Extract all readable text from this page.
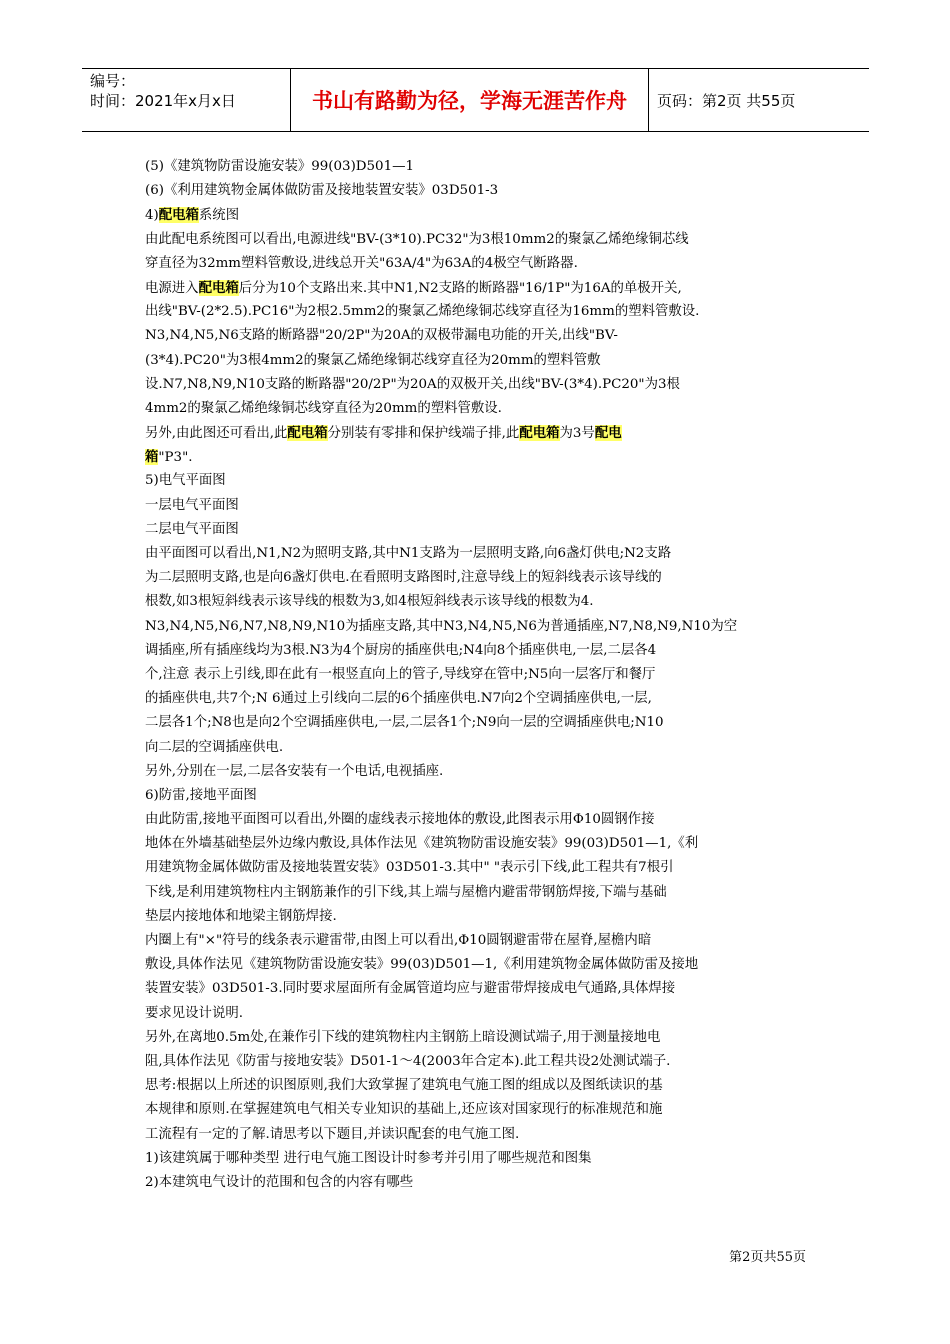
编号：
时间：2021年x月x日	书山有路勤为径，学海无涯苦作舟	页码：第2页 共55页
(5)《建筑物防雷设施安装》99(03)D501—1
(6)《利用建筑物金属体做防雷及接地装置安装》03D501-3
4)配电箱系统图
由此配电系统图可以看出,电源进线"BV-(3*10).PC32"为3根10mm2的聚氯乙烯绝缘铜芯线
穿直径为32mm塑料管敷设,进线总开关"63A/4"为63A的4极空气断路器.
电源进入配电箱后分为10个支路出来.其中N1,N2支路的断路器"16/1P"为16A的单极开关,
出线"BV-(2*2.5).PC16"为2根2.5mm2的聚氯乙烯绝缘铜芯线穿直径为16mm的塑料管敷设.
N3,N4,N5,N6支路的断路器"20/2P"为20A的双极带漏电功能的开关,出线"BV-
(3*4).PC20"为3根4mm2的聚氯乙烯绝缘铜芯线穿直径为20mm的塑料管敷
设.N7,N8,N9,N10支路的断路器"20/2P"为20A的双极开关,出线"BV-(3*4).PC20"为3根
4mm2的聚氯乙烯绝缘铜芯线穿直径为20mm的塑料管敷设.
另外,由此图还可看出,此配电箱分别装有零排和保护线端子排,此配电箱为3号配电
箱"P3".
5)电气平面图
一层电气平面图
二层电气平面图
由平面图可以看出,N1,N2为照明支路,其中N1支路为一层照明支路,向6盏灯供电;N2支路
为二层照明支路,也是向6盏灯供电.在看照明支路图时,注意导线上的短斜线表示该导线的
根数,如3根短斜线表示该导线的根数为3,如4根短斜线表示该导线的根数为4.
N3,N4,N5,N6,N7,N8,N9,N10为插座支路,其中N3,N4,N5,N6为普通插座,N7,N8,N9,N10为空
调插座,所有插座线均为3根.N3为4个厨房的插座供电;N4向8个插座供电,一层,二层各4
个,注意 表示上引线,即在此有一根竖直向上的管子,导线穿在管中;N5向一层客厅和餐厅
的插座供电,共7个;N 6通过上引线向二层的6个插座供电.N7向2个空调插座供电,一层,
二层各1个;N8也是向2个空调插座供电,一层,二层各1个;N9向一层的空调插座供电;N10
向二层的空调插座供电.
另外,分别在一层,二层各安装有一个电话,电视插座.
6)防雷,接地平面图
由此防雷,接地平面图可以看出,外圈的虚线表示接地体的敷设,此图表示用Φ10圆钢作接
地体在外墙基础垫层外边缘内敷设,具体作法见《建筑物防雷设施安装》99(03)D501—1,《利
用建筑物金属体做防雷及接地装置安装》03D501-3.其中" "表示引下线,此工程共有7根引
下线,是利用建筑物柱内主钢筋兼作的引下线,其上端与屋檐内避雷带钢筋焊接,下端与基础
垫层内接地体和地梁主钢筋焊接.
内圈上有"×"符号的线条表示避雷带,由图上可以看出,Φ10圆钢避雷带在屋脊,屋檐内暗
敷设,具体作法见《建筑物防雷设施安装》99(03)D501—1,《利用建筑物金属体做防雷及接地
装置安装》03D501-3.同时要求屋面所有金属管道均应与避雷带焊接成电气通路,具体焊接
要求见设计说明.
另外,在离地0.5m处,在兼作引下线的建筑物柱内主钢筋上暗设测试端子,用于测量接地电
阻,具体作法见《防雷与接地安装》D501-1～4(2003年合定本).此工程共设2处测试端子.
思考:根据以上所述的识图原则,我们大致掌握了建筑电气施工图的组成以及图纸读识的基
本规律和原则.在掌握建筑电气相关专业知识的基础上,还应该对国家现行的标准规范和施
工流程有一定的了解.请思考以下题目,并读识配套的电气施工图.
1)该建筑属于哪种类型 进行电气施工图设计时参考并引用了哪些规范和图集
2)本建筑电气设计的范围和包含的内容有哪些
第2页共55页
